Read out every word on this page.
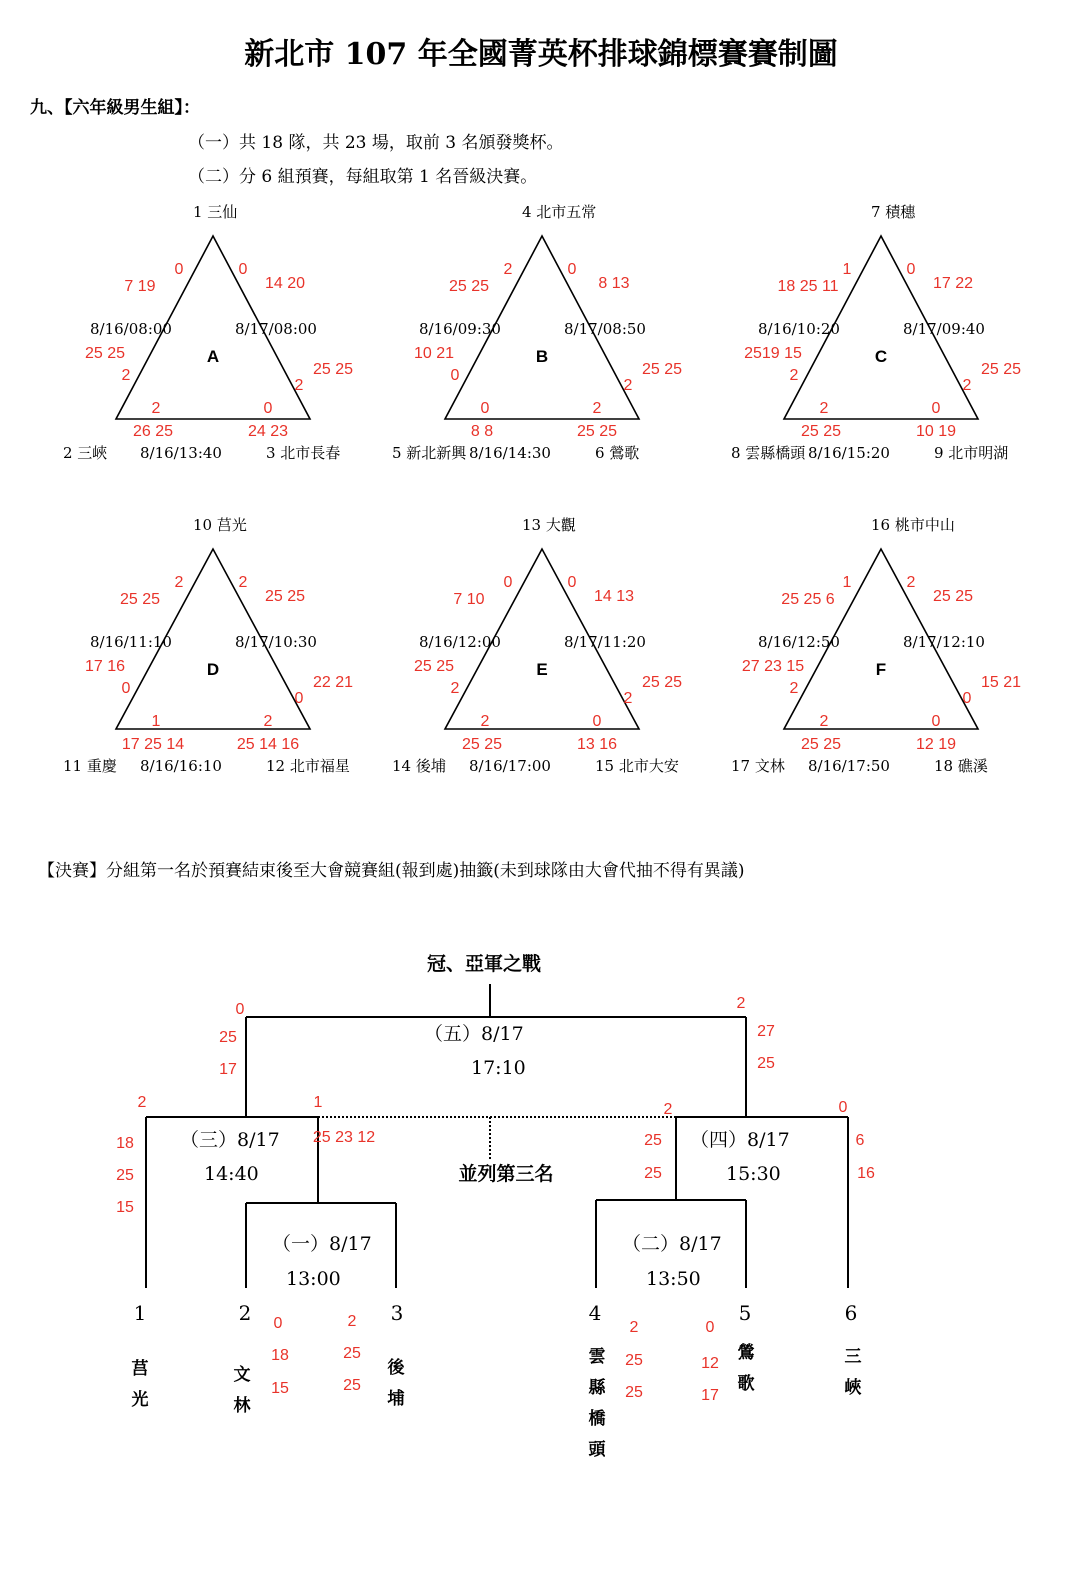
新北市 107 年全國菁英杯排球錦標賽賽制圖
九、【六年級男生組】：
（一）共 18 隊，共 23 場，取前 3 名頒發獎杯。
（二）分 6 組預賽，每組取第 1 名晉級決賽。
1 三仙
2 三峽	3 北市長春
8/16/08:00	8/17/08:00
8/16/13:40
A
0
7 19
0
14 20
25 25
2	25 25
2
2
26 25
0
24 23
4 北市五常
5 新北新興	6 鶯歌
8/16/09:30	8/17/08:50
8/16/14:30
B
2
25 25
0
8 13
10 21
0	25 25
2
0
8 8
2
25 25
7 積穗
8 雲縣橋頭	9 北市明湖
8/16/10:20	8/17/09:40
8/16/15:20
C
1
18 25 11
0
17 22
2519 15
2	25 25
2
2
25 25
0
10 19
10 莒光
11 重慶	12 北市福星
8/16/11:10	8/17/10:30
8/16/16:10
D
2
25 25
2
25 25
17 16
0	22 21
0
1
17 25 14
2
25 14 16
13 大觀
14 後埔	15 北市大安
8/16/12:00	8/17/11:20
8/16/17:00
E
0
7 10
0
14 13
25 25
2	25 25
2
2
25 25
0
13 16
16 桃市中山
17 文林	18 礁溪
8/16/12:50	8/17/12:10
8/16/17:50
F
1
25 25 6
2
25 25
27 23 15
2	15 21
0
2
25 25
0
12 19
【決賽】分組第一名於預賽結束後至大會競賽組(報到處)抽籤(未到球隊由大會代抽不得有異議)
冠、亞軍之戰
（五）8/17
17:10
（三）8/17
14:40
（四）8/17
15:30
（一）8/17
13:00
（二）8/17
13:50
並列第三名
1	2	3	4	5	6
莒光
文林
後埔
雲縣橋頭
鶯歌
三峽
0
25
17
2
27
25
2
18
25
15
1
25 23 12
2
25
25
0
6
16
0
18
15
2
25
25
2
25
25
0
12
17
